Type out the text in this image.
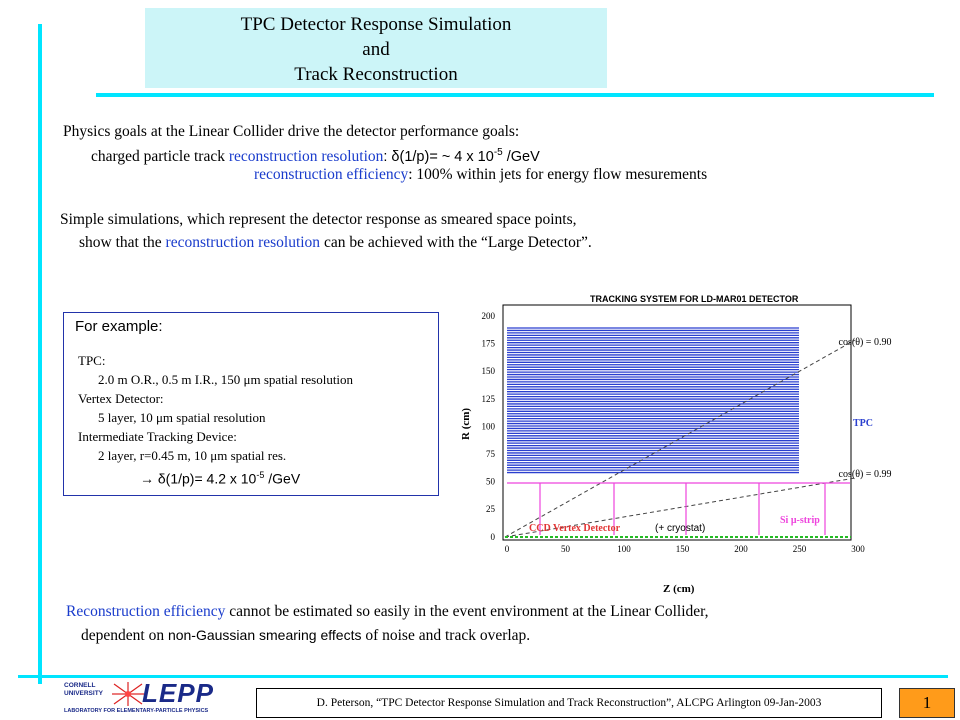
TPC Detector Response Simulation
and
Track Reconstruction
Physics goals at the Linear Collider drive the detector performance goals:
charged particle track reconstruction resolution: δ(1/p)= ~ 4 x $10^{-5}$ /GeV
reconstruction efficiency: 100% within jets for energy flow mesurements
Simple simulations, which represent the detector response as smeared space points,
show that the reconstruction resolution can be achieved with the “Large Detector”.
For example:
TPC:
2.0 m O.R., 0.5 m I.R., 150 μm spatial resolution
Vertex Detector:
5 layer, 10 μm spatial resolution
Intermediate Tracking Device:
2 layer, r=0.45 m, 10 μm spatial res.
→ δ(1/p)= 4.2 x $10^{-5}$ /GeV
TRACKING SYSTEM FOR LD-MAR01 DETECTOR
200
175
150
125
100
75
50
25
0
0	50	100	150	200	250	300
R (cm)
Z (cm)
cos(θ) = 0.90
cos(θ) = 0.99
TPC
Si μ-strip
CCD Vertex Detector	(+ cryostat)
Reconstruction efficiency cannot be estimated so easily in the event environment at the Linear Collider,
dependent on non-Gaussian smearing effects of noise and track overlap.
CORNELL
UNIVERSITY LEPP
LABORATORY FOR ELEMENTARY-PARTICLE PHYSICS
D. Peterson, “TPC Detector Response Simulation and Track Reconstruction”, ALCPG Arlington 09-Jan-2003	1
